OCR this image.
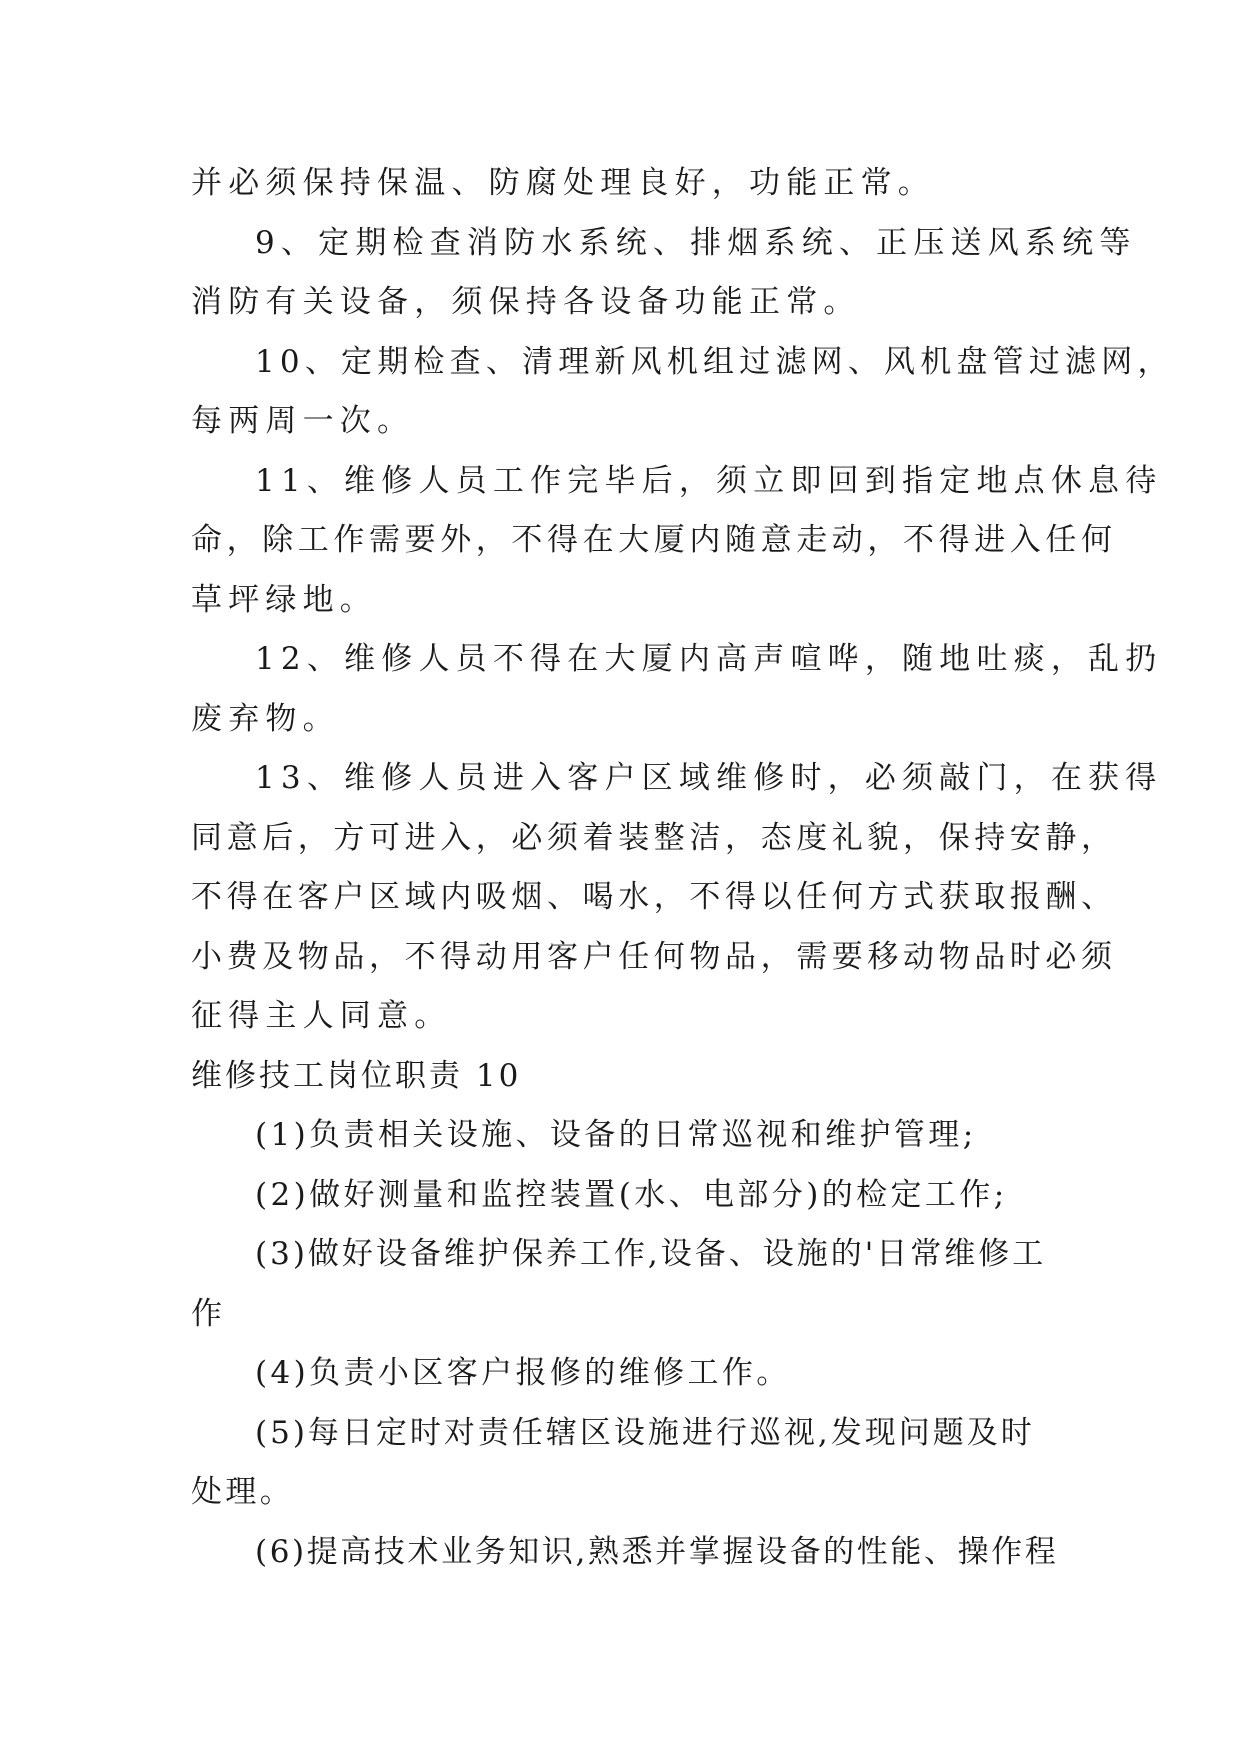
并必须保持保温、防腐处理良好，功能正常。

9、定期检查消防水系统、排烟系统、正压送风系统等

消防有关设备，须保持各设备功能正常。

10、定期检查、清理新风机组过滤网、风机盘管过滤网，

每两周一次。

11、维修人员工作完毕后，须立即回到指定地点休息待

命，除工作需要外，不得在大厦内随意走动，不得进入任何

草坪绿地。

12、维修人员不得在大厦内高声喧哗，随地吐痰，乱扔

废弃物。

13、维修人员进入客户区域维修时，必须敲门，在获得

同意后，方可进入，必须着装整洁，态度礼貌，保持安静，

不得在客户区域内吸烟、喝水，不得以任何方式获取报酬、

小费及物品，不得动用客户任何物品，需要移动物品时必须

征得主人同意。

维修技工岗位职责 10

(1)负责相关设施、设备的日常巡视和维护管理;

(2)做好测量和监控装置(水、电部分)的检定工作;

(3)做好设备维护保养工作,设备、设施的'日常维修工

作

(4)负责小区客户报修的维修工作。

(5)每日定时对责任辖区设施进行巡视,发现问题及时

处理。

(6)提高技术业务知识,熟悉并掌握设备的性能、操作程
